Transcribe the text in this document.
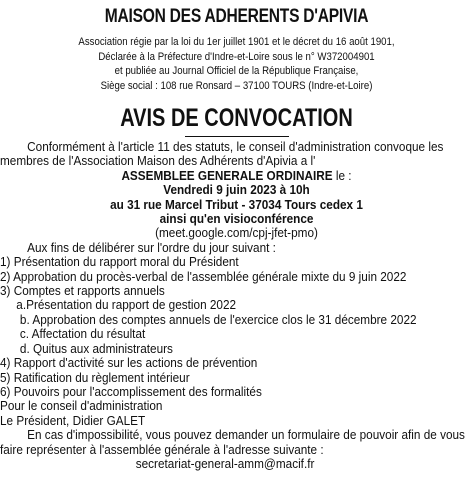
MAISON DES ADHERENTS D'APIVIA
Association régie par la loi du 1er juillet 1901 et le décret du 16 août 1901,
Déclarée à la Préfecture d'Indre-et-Loire sous le n° W372004901
et publiée au Journal Officiel de la République Française,
Siège social : 108 rue Ronsard – 37100 TOURS (Indre-et-Loire)
AVIS DE CONVOCATION
Conformément à l'article 11 des statuts, le conseil d'administration convoque les
membres de l'Association Maison des Adhérents d'Apivia a l'
ASSEMBLEE GENERALE ORDINAIRE le :
Vendredi 9 juin 2023 à 10h
au 31 rue Marcel Tribut - 37034 Tours cedex 1
ainsi qu'en visioconférence
(meet.google.com/cpj-jfet-pmo)
Aux fins de délibérer sur l'ordre du jour suivant :
1) Présentation du rapport moral du Président
2) Approbation du procès-verbal de l'assemblée générale mixte du 9 juin 2022
3) Comptes et rapports annuels
a.Présentation du rapport de gestion 2022
b. Approbation des comptes annuels de l'exercice clos le 31 décembre 2022
c. Affectation du résultat
d. Quitus aux administrateurs
4) Rapport d'activité sur les actions de prévention
5) Ratification du règlement intérieur
6) Pouvoirs pour l'accomplissement des formalités
Pour le conseil d'administration
Le Président, Didier GALET
En cas d'impossibilité, vous pouvez demander un formulaire de pouvoir afin de vous
faire représenter à l'assemblée générale à l'adresse suivante :
secretariat-general-amm@macif.fr
